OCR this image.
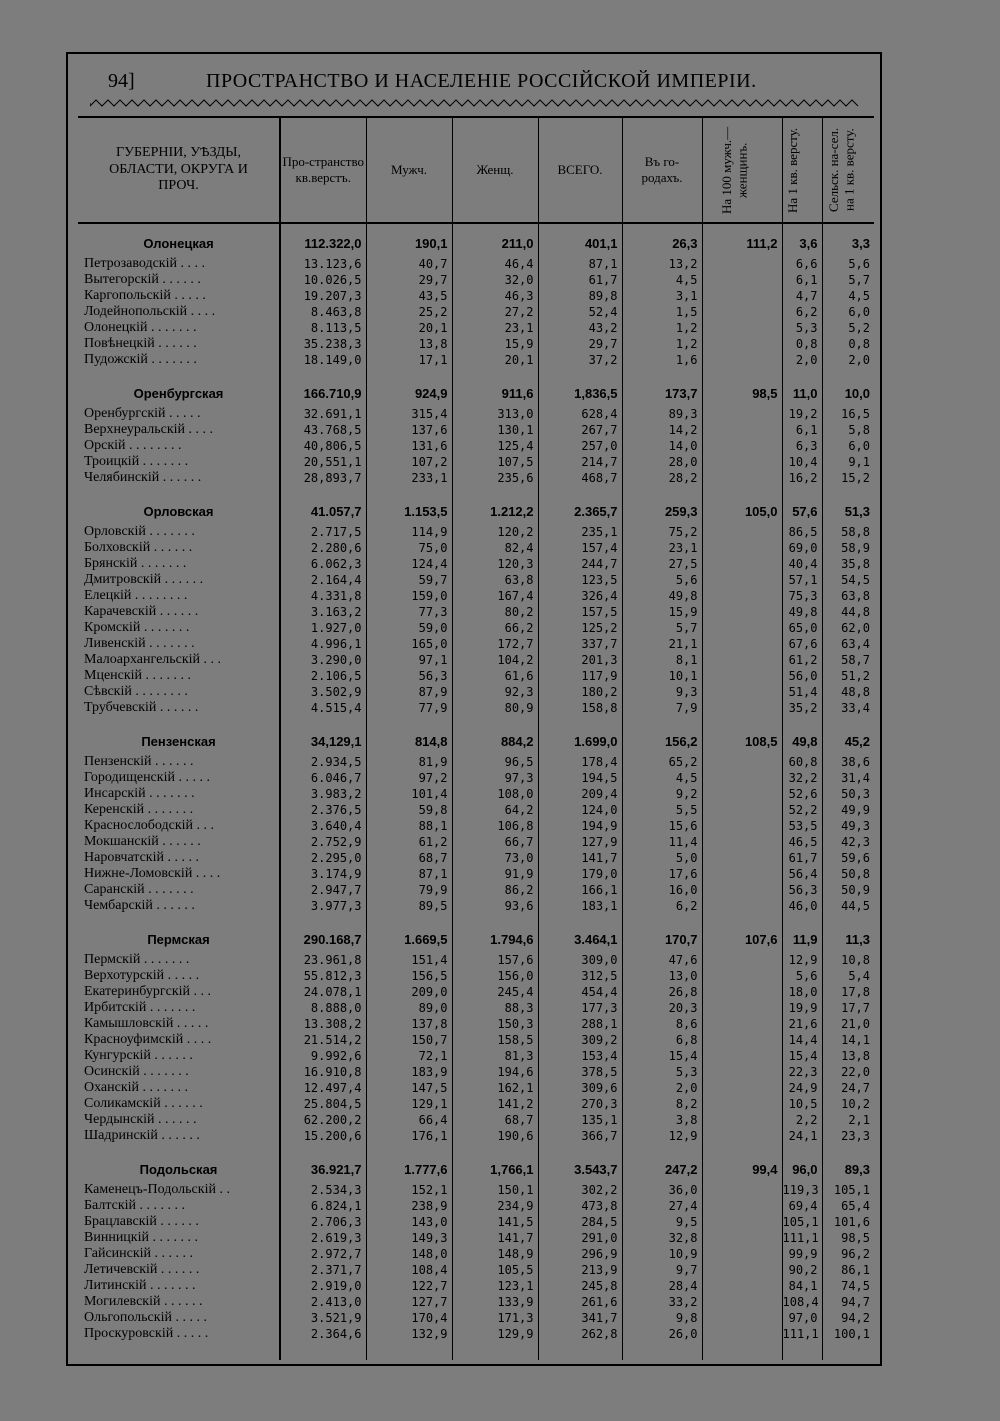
94]	ПРОСТРАНСТВО И НАСЕЛЕНІЕ РОССІЙСКОЙ ИМПЕРІИ.
ГУБЕРНІИ, УѢЗДЫ, ОБЛАСТИ, ОКРУГА И ПРОЧ.	Про-странство кв.верстъ.	Мужч.	Женщ.	ВСЕГО.	Въ го-родахъ.	На 100 мужч.— женщинъ.	На 1 кв. версту.	Сельск. на-сел. на 1 кв. версту.

Олонецкая	112.322,0	190,1	211,0	401,1	26,3	111,2	3,6	3,3
Петрозаводскій . . . .	13.123,6	40,7	46,4	87,1	13,2		6,6	5,6
Вытегорскій . . . . . .	10.026,5	29,7	32,0	61,7	4,5		6,1	5,7
Каргопольскій . . . . .	19.207,3	43,5	46,3	89,8	3,1		4,7	4,5
Лодейнопольскій . . . .	8.463,8	25,2	27,2	52,4	1,5		6,2	6,0
Олонецкій . . . . . . .	8.113,5	20,1	23,1	43,2	1,2		5,3	5,2
Повѣнецкій . . . . . .	35.238,3	13,8	15,9	29,7	1,2		0,8	0,8
Пудожскій . . . . . . .	18.149,0	17,1	20,1	37,2	1,6		2,0	2,0

Оренбургская	166.710,9	924,9	911,6	1,836,5	173,7	98,5	11,0	10,0
Оренбургскій . . . . .	32.691,1	315,4	313,0	628,4	89,3		19,2	16,5
Верхнеуральскій . . . .	43.768,5	137,6	130,1	267,7	14,2		6,1	5,8
Орскій . . . . . . . .	40,806,5	131,6	125,4	257,0	14,0		6,3	6,0
Троицкій . . . . . . .	20,551,1	107,2	107,5	214,7	28,0		10,4	9,1
Челябинскій . . . . . .	28,893,7	233,1	235,6	468,7	28,2		16,2	15,2

Орловская	41.057,7	1.153,5	1.212,2	2.365,7	259,3	105,0	57,6	51,3
Орловскій . . . . . . .	2.717,5	114,9	120,2	235,1	75,2		86,5	58,8
Болховскій . . . . . .	2.280,6	75,0	82,4	157,4	23,1		69,0	58,9
Брянскій . . . . . . .	6.062,3	124,4	120,3	244,7	27,5		40,4	35,8
Дмитровскій . . . . . .	2.164,4	59,7	63,8	123,5	5,6		57,1	54,5
Елецкій . . . . . . . .	4.331,8	159,0	167,4	326,4	49,8		75,3	63,8
Карачевскій . . . . . .	3.163,2	77,3	80,2	157,5	15,9		49,8	44,8
Кромскій . . . . . . .	1.927,0	59,0	66,2	125,2	5,7		65,0	62,0
Ливенскій . . . . . . .	4.996,1	165,0	172,7	337,7	21,1		67,6	63,4
Малоархангельскій . . .	3.290,0	97,1	104,2	201,3	8,1		61,2	58,7
Мценскій . . . . . . .	2.106,5	56,3	61,6	117,9	10,1		56,0	51,2
Сѣвскій . . . . . . . .	3.502,9	87,9	92,3	180,2	9,3		51,4	48,8
Трубчевскій . . . . . .	4.515,4	77,9	80,9	158,8	7,9		35,2	33,4

Пензенская	34,129,1	814,8	884,2	1.699,0	156,2	108,5	49,8	45,2
Пензенскій . . . . . .	2.934,5	81,9	96,5	178,4	65,2		60,8	38,6
Городищенскій . . . . .	6.046,7	97,2	97,3	194,5	4,5		32,2	31,4
Инсарскій . . . . . . .	3.983,2	101,4	108,0	209,4	9,2		52,6	50,3
Керенскій . . . . . . .	2.376,5	59,8	64,2	124,0	5,5		52,2	49,9
Краснослободскій . . .	3.640,4	88,1	106,8	194,9	15,6		53,5	49,3
Мокшанскій . . . . . .	2.752,9	61,2	66,7	127,9	11,4		46,5	42,3
Наровчатскій . . . . .	2.295,0	68,7	73,0	141,7	5,0		61,7	59,6
Нижне-Ломовскій . . . .	3.174,9	87,1	91,9	179,0	17,6		56,4	50,8
Саранскій . . . . . . .	2.947,7	79,9	86,2	166,1	16,0		56,3	50,9
Чембарскій . . . . . .	3.977,3	89,5	93,6	183,1	6,2		46,0	44,5

Пермская	290.168,7	1.669,5	1.794,6	3.464,1	170,7	107,6	11,9	11,3
Пермскій . . . . . . .	23.961,8	151,4	157,6	309,0	47,6		12,9	10,8
Верхотурскій . . . . .	55.812,3	156,5	156,0	312,5	13,0		5,6	5,4
Екатеринбургскій . . .	24.078,1	209,0	245,4	454,4	26,8		18,0	17,8
Ирбитскій . . . . . . .	8.888,0	89,0	88,3	177,3	20,3		19,9	17,7
Камышловскій . . . . .	13.308,2	137,8	150,3	288,1	8,6		21,6	21,0
Красноуфимскій . . . .	21.514,2	150,7	158,5	309,2	6,8		14,4	14,1
Кунгурскій . . . . . .	9.992,6	72,1	81,3	153,4	15,4		15,4	13,8
Осинскій . . . . . . .	16.910,8	183,9	194,6	378,5	5,3		22,3	22,0
Оханскій . . . . . . .	12.497,4	147,5	162,1	309,6	2,0		24,9	24,7
Соликамскій . . . . . .	25.804,5	129,1	141,2	270,3	8,2		10,5	10,2
Чердынскій . . . . . .	62.200,2	66,4	68,7	135,1	3,8		2,2	2,1
Шадринскій . . . . . .	15.200,6	176,1	190,6	366,7	12,9		24,1	23,3

Подольская	36.921,7	1.777,6	1,766,1	3.543,7	247,2	99,4	96,0	89,3
Каменецъ-Подольскій . .	2.534,3	152,1	150,1	302,2	36,0		119,3	105,1
Балтскій . . . . . . .	6.824,1	238,9	234,9	473,8	27,4		69,4	65,4
Брацлавскій . . . . . .	2.706,3	143,0	141,5	284,5	9,5		105,1	101,6
Винницкій . . . . . . .	2.619,3	149,3	141,7	291,0	32,8		111,1	98,5
Гайсинскій . . . . . .	2.972,7	148,0	148,9	296,9	10,9		99,9	96,2
Летичевскій . . . . . .	2.371,7	108,4	105,5	213,9	9,7		90,2	86,1
Литинскій . . . . . . .	2.919,0	122,7	123,1	245,8	28,4		84,1	74,5
Могилевскій . . . . . .	2.413,0	127,7	133,9	261,6	33,2		108,4	94,7
Ольгопольскій . . . . .	3.521,9	170,4	171,3	341,7	9,8		97,0	94,2
Проскуровскій . . . . .	2.364,6	132,9	129,9	262,8	26,0		111,1	100,1
